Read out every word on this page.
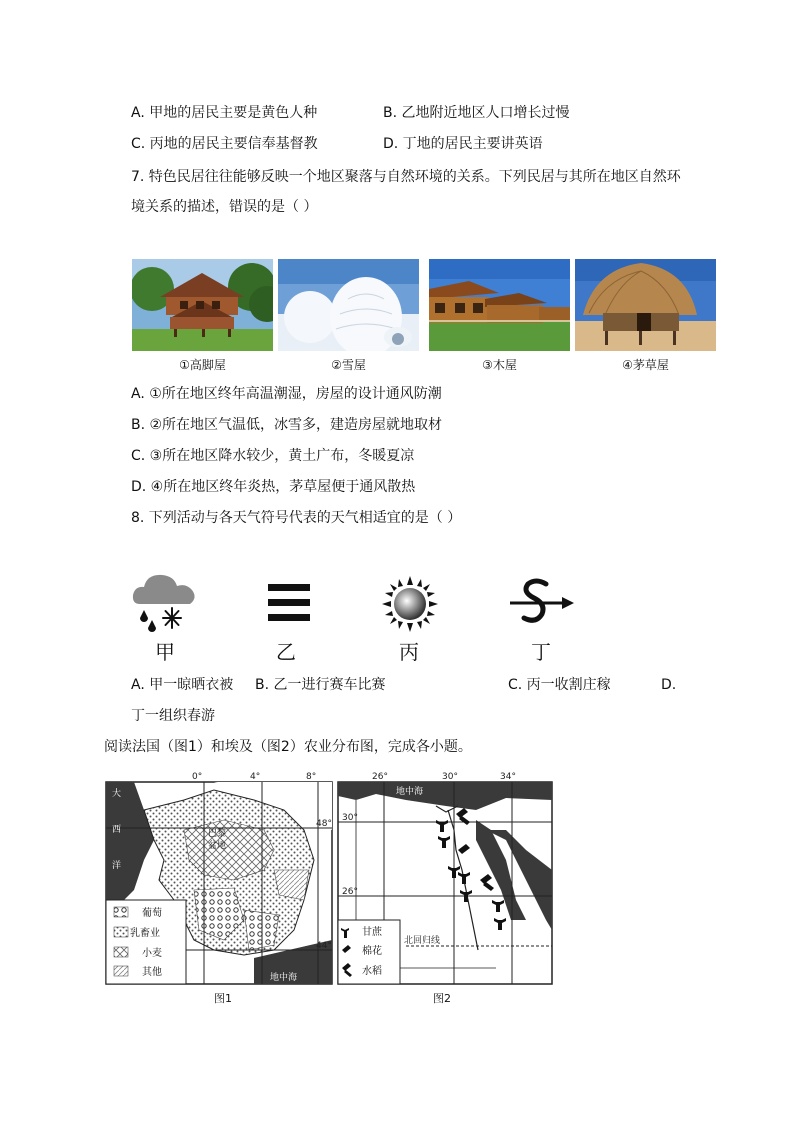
A. 甲地的居民主要是黄色人种	B. 乙地附近地区人口增长过慢
C. 丙地的居民主要信奉基督教	D. 丁地的居民主要讲英语
7. 特色民居往往能够反映一个地区聚落与自然环境的关系。下列民居与其所在地区自然环
境关系的描述，错误的是（ ）
①高脚屋	②雪屋	③木屋	④茅草屋
A. ①所在地区终年高温潮湿，房屋的设计通风防潮
B. ②所在地区气温低，冰雪多，建造房屋就地取材
C. ③所在地区降水较少，黄土广布，冬暖夏凉
D. ④所在地区终年炎热，茅草屋便于通风散热
8. 下列活动与各天气符号代表的天气相适宜的是（ ）
甲	乙	丙	丁
A. 甲一晾晒衣被 B. 乙一进行赛车比赛	C. 丙一收割庄稼	D.
丁一组织春游
阅读法国（图1）和埃及（图2）农业分布图，完成各小题。
0°	4°	8°
48°
44°
大
西
洋
巴黎
盆地
地中海
葡萄
乳畜业
小麦
其他
图1
26°	30°	34°
30°
26°
地中海
北回归线
甘蔗
棉花
水稻
图2
